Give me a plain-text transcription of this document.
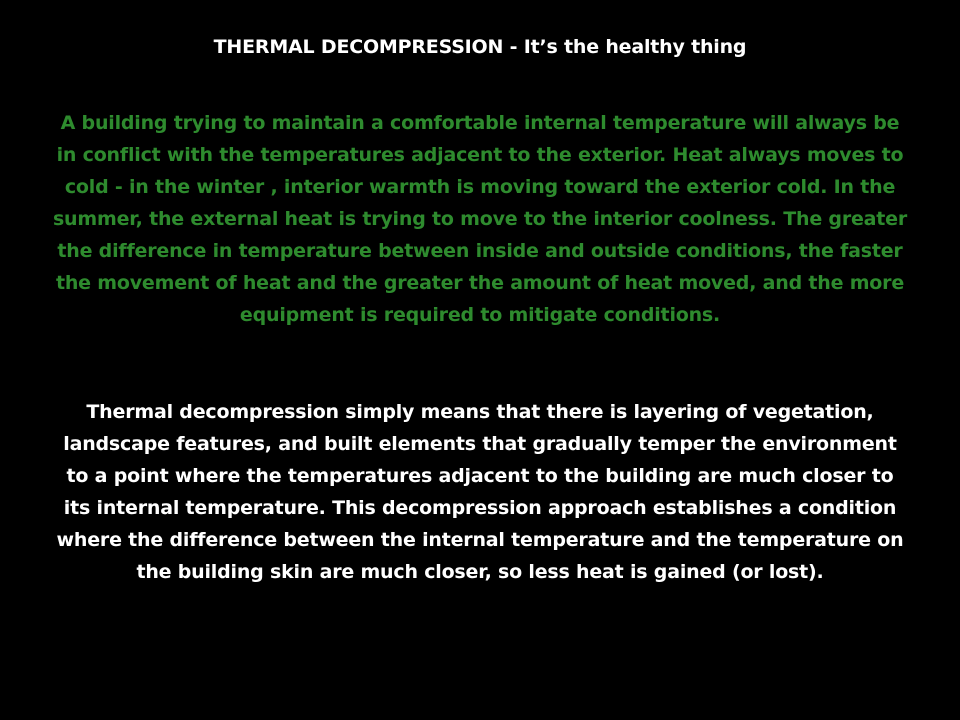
THERMAL DECOMPRESSION - It’s the healthy thing

A building trying to maintain a comfortable internal temperature will always be in conflict with the temperatures adjacent to the exterior. Heat always moves to cold - in the winter , interior warmth is moving toward the exterior cold. In the summer, the external heat is trying to move to the interior coolness. The greater the difference in temperature between inside and outside conditions, the faster the movement of heat and the greater the amount of heat moved, and the more equipment is required to mitigate conditions.

Thermal decompression simply means that there is layering of vegetation, landscape features, and built elements that gradually temper the environment to a point where the temperatures adjacent to the building are much closer to its internal temperature. This decompression approach establishes a condition where the difference between the internal temperature and the temperature on the building skin are much closer, so less heat is gained (or lost).
